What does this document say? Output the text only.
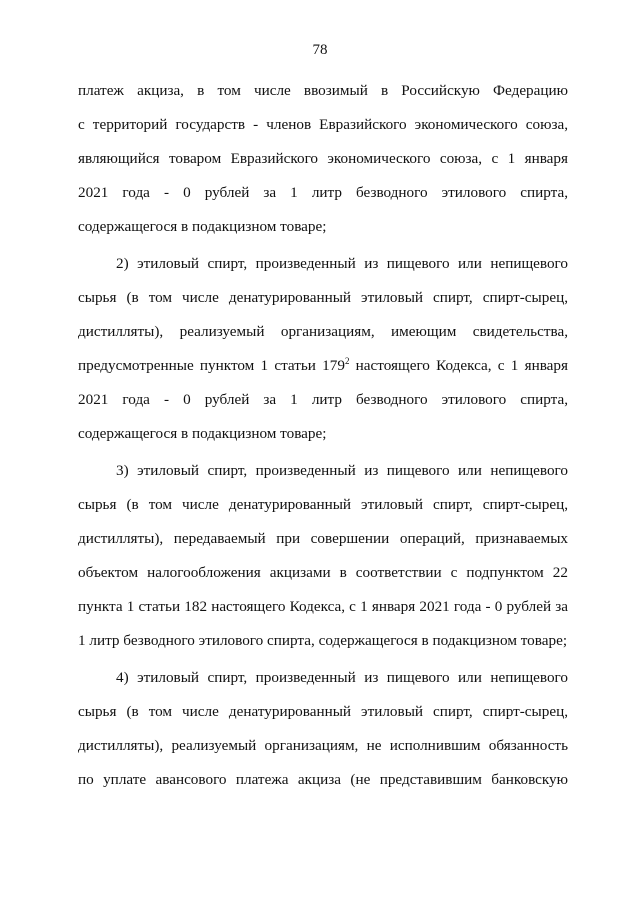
78
платеж акциза, в том числе ввозимый в Российскую Федерацию
с территорий государств - членов Евразийского экономического союза,
являющийся товаром Евразийского экономического союза, с 1 января
2021 года - 0 рублей за 1 литр безводного этилового спирта,
содержащегося в подакцизном товаре;
2) этиловый спирт, произведенный из пищевого или непищевого
сырья (в том числе денатурированный этиловый спирт, спирт-сырец,
дистилляты), реализуемый организациям, имеющим свидетельства,
предусмотренные пунктом 1 статьи $179^2$ настоящего Кодекса, с 1 января
2021 года - 0 рублей за 1 литр безводного этилового спирта,
содержащегося в подакцизном товаре;
3) этиловый спирт, произведенный из пищевого или непищевого
сырья (в том числе денатурированный этиловый спирт, спирт-сырец,
дистилляты), передаваемый при совершении операций, признаваемых
объектом налогообложения акцизами в соответствии с подпунктом 22
пункта 1 статьи 182 настоящего Кодекса, с 1 января 2021 года - 0 рублей за
1 литр безводного этилового спирта, содержащегося в подакцизном товаре;
4) этиловый спирт, произведенный из пищевого или непищевого
сырья (в том числе денатурированный этиловый спирт, спирт-сырец,
дистилляты), реализуемый организациям, не исполнившим обязанность
по уплате авансового платежа акциза (не представившим банковскую
